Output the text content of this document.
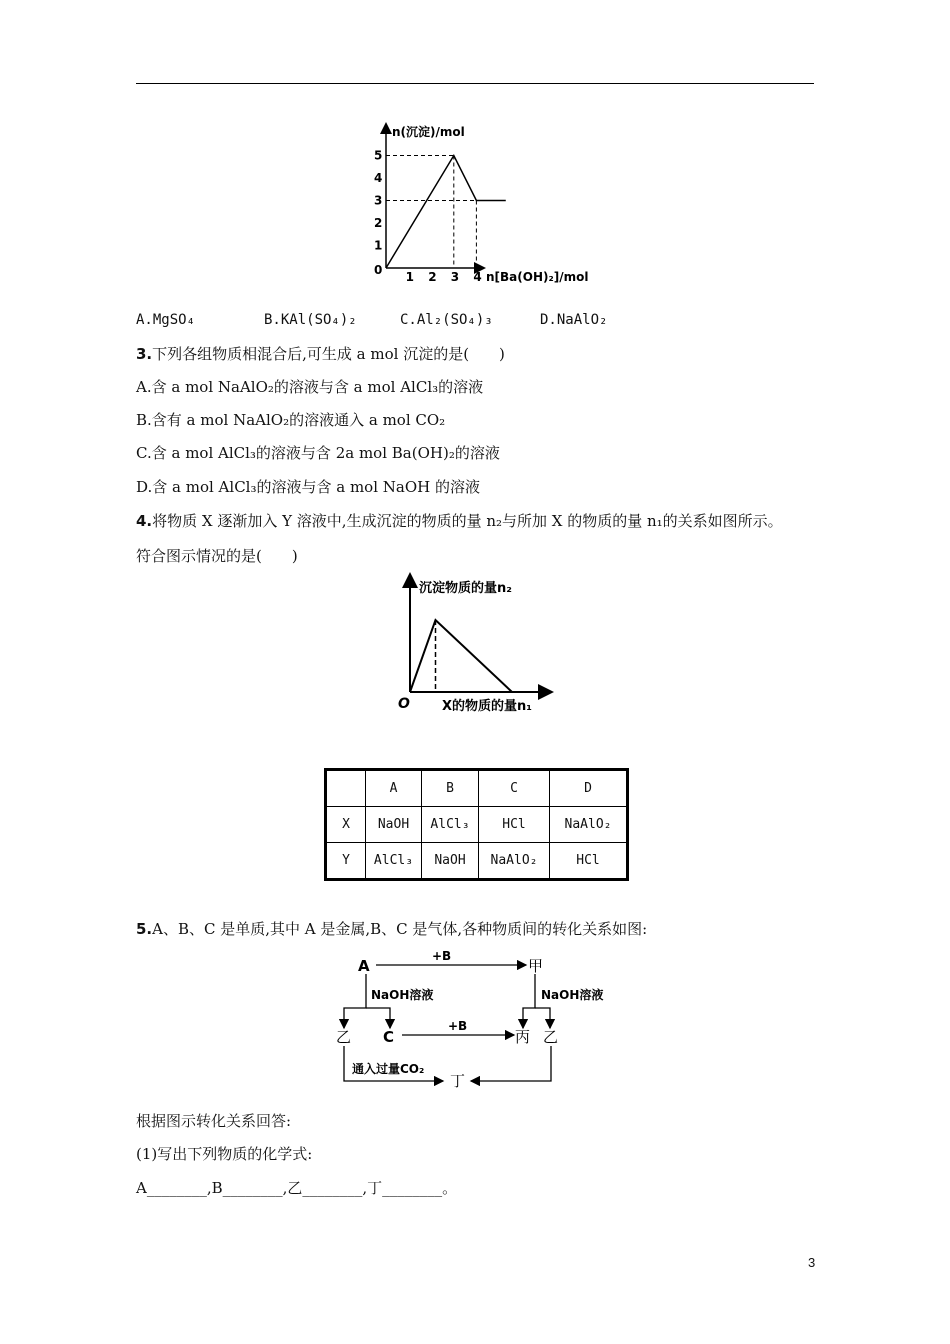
1 2 3 4
1
2
3
4
5
n(沉淀)/mol
n[Ba(OH)₂]/mol
0
A.MgSO₄	B.KAl(SO₄)₂	C.Al₂(SO₄)₃	D.NaAlO₂
3.下列各组物质相混合后,可生成 a mol 沉淀的是(　　)
A.含 a mol NaAlO₂的溶液与含 a mol AlCl₃的溶液
B.含有 a mol NaAlO₂的溶液通入 a mol CO₂
C.含 a mol AlCl₃的溶液与含 2a mol Ba(OH)₂的溶液
D.含 a mol AlCl₃的溶液与含 a mol NaOH 的溶液
4.将物质 X 逐渐加入 Y 溶液中,生成沉淀的物质的量 n₂与所加 X 的物质的量 n₁的关系如图所示。
符合图示情况的是(　　)
沉淀物质的量n₂
X的物质的量n₁
O
	A	B	C	D
X	NaOH	AlCl₃	HCl	NaAlO₂
Y	AlCl₃	NaOH	NaAlO₂	HCl
5.A、B、C 是单质,其中 A 是金属,B、C 是气体,各种物质间的转化关系如图:
A	甲
乙 C	丙 乙
丁
+B
+B
NaOH溶液	NaOH溶液
通入过量CO₂
根据图示转化关系回答:
(1)写出下列物质的化学式:
A________,B________,乙________,丁________。
3
